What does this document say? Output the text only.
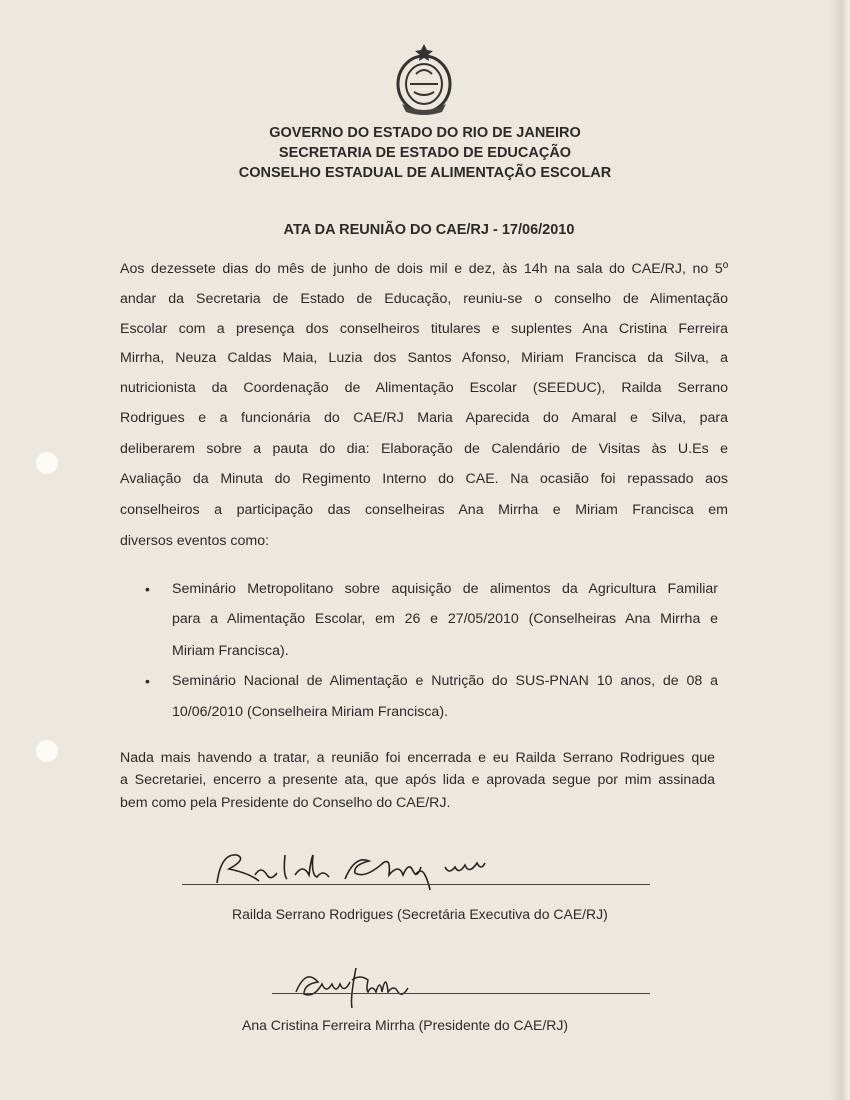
GOVERNO DO ESTADO DO RIO DE JANEIRO
SECRETARIA DE ESTADO DE EDUCAÇÃO
CONSELHO ESTADUAL DE ALIMENTAÇÃO ESCOLAR
ATA DA REUNIÃO DO CAE/RJ - 17/06/2010
Aos dezessete dias do mês de junho de dois mil e dez, às 14h na sala do CAE/RJ, no 5º
andar da Secretaria de Estado de Educação, reuniu-se o conselho de Alimentação
Escolar com a presença dos conselheiros titulares e suplentes Ana Cristina Ferreira
Mirrha, Neuza Caldas Maia, Luzia dos Santos Afonso, Miriam Francisca da Silva, a
nutricionista da Coordenação de Alimentação Escolar (SEEDUC), Railda Serrano
Rodrigues e a funcionária do CAE/RJ Maria Aparecida do Amaral e Silva, para
deliberarem sobre a pauta do dia: Elaboração de Calendário de Visitas às U.Es e
Avaliação da Minuta do Regimento Interno do CAE. Na ocasião foi repassado aos
conselheiros a participação das conselheiras Ana Mirrha e Miriam Francisca em
diversos eventos como:
• Seminário Metropolitano sobre aquisição de alimentos da Agricultura Familiar
para a Alimentação Escolar, em 26 e 27/05/2010 (Conselheiras Ana Mirrha e
Miriam Francisca).
• Seminário Nacional de Alimentação e Nutrição do SUS-PNAN 10 anos, de 08 a
10/06/2010 (Conselheira Miriam Francisca).
Nada mais havendo a tratar, a reunião foi encerrada e eu Railda Serrano Rodrigues que
a Secretariei, encerro a presente ata, que após lida e aprovada segue por mim assinada
bem como pela Presidente do Conselho do CAE/RJ.
Railda Serrano Rodrigues (Secretária Executiva do CAE/RJ)
Ana Cristina Ferreira Mirrha (Presidente do CAE/RJ)
